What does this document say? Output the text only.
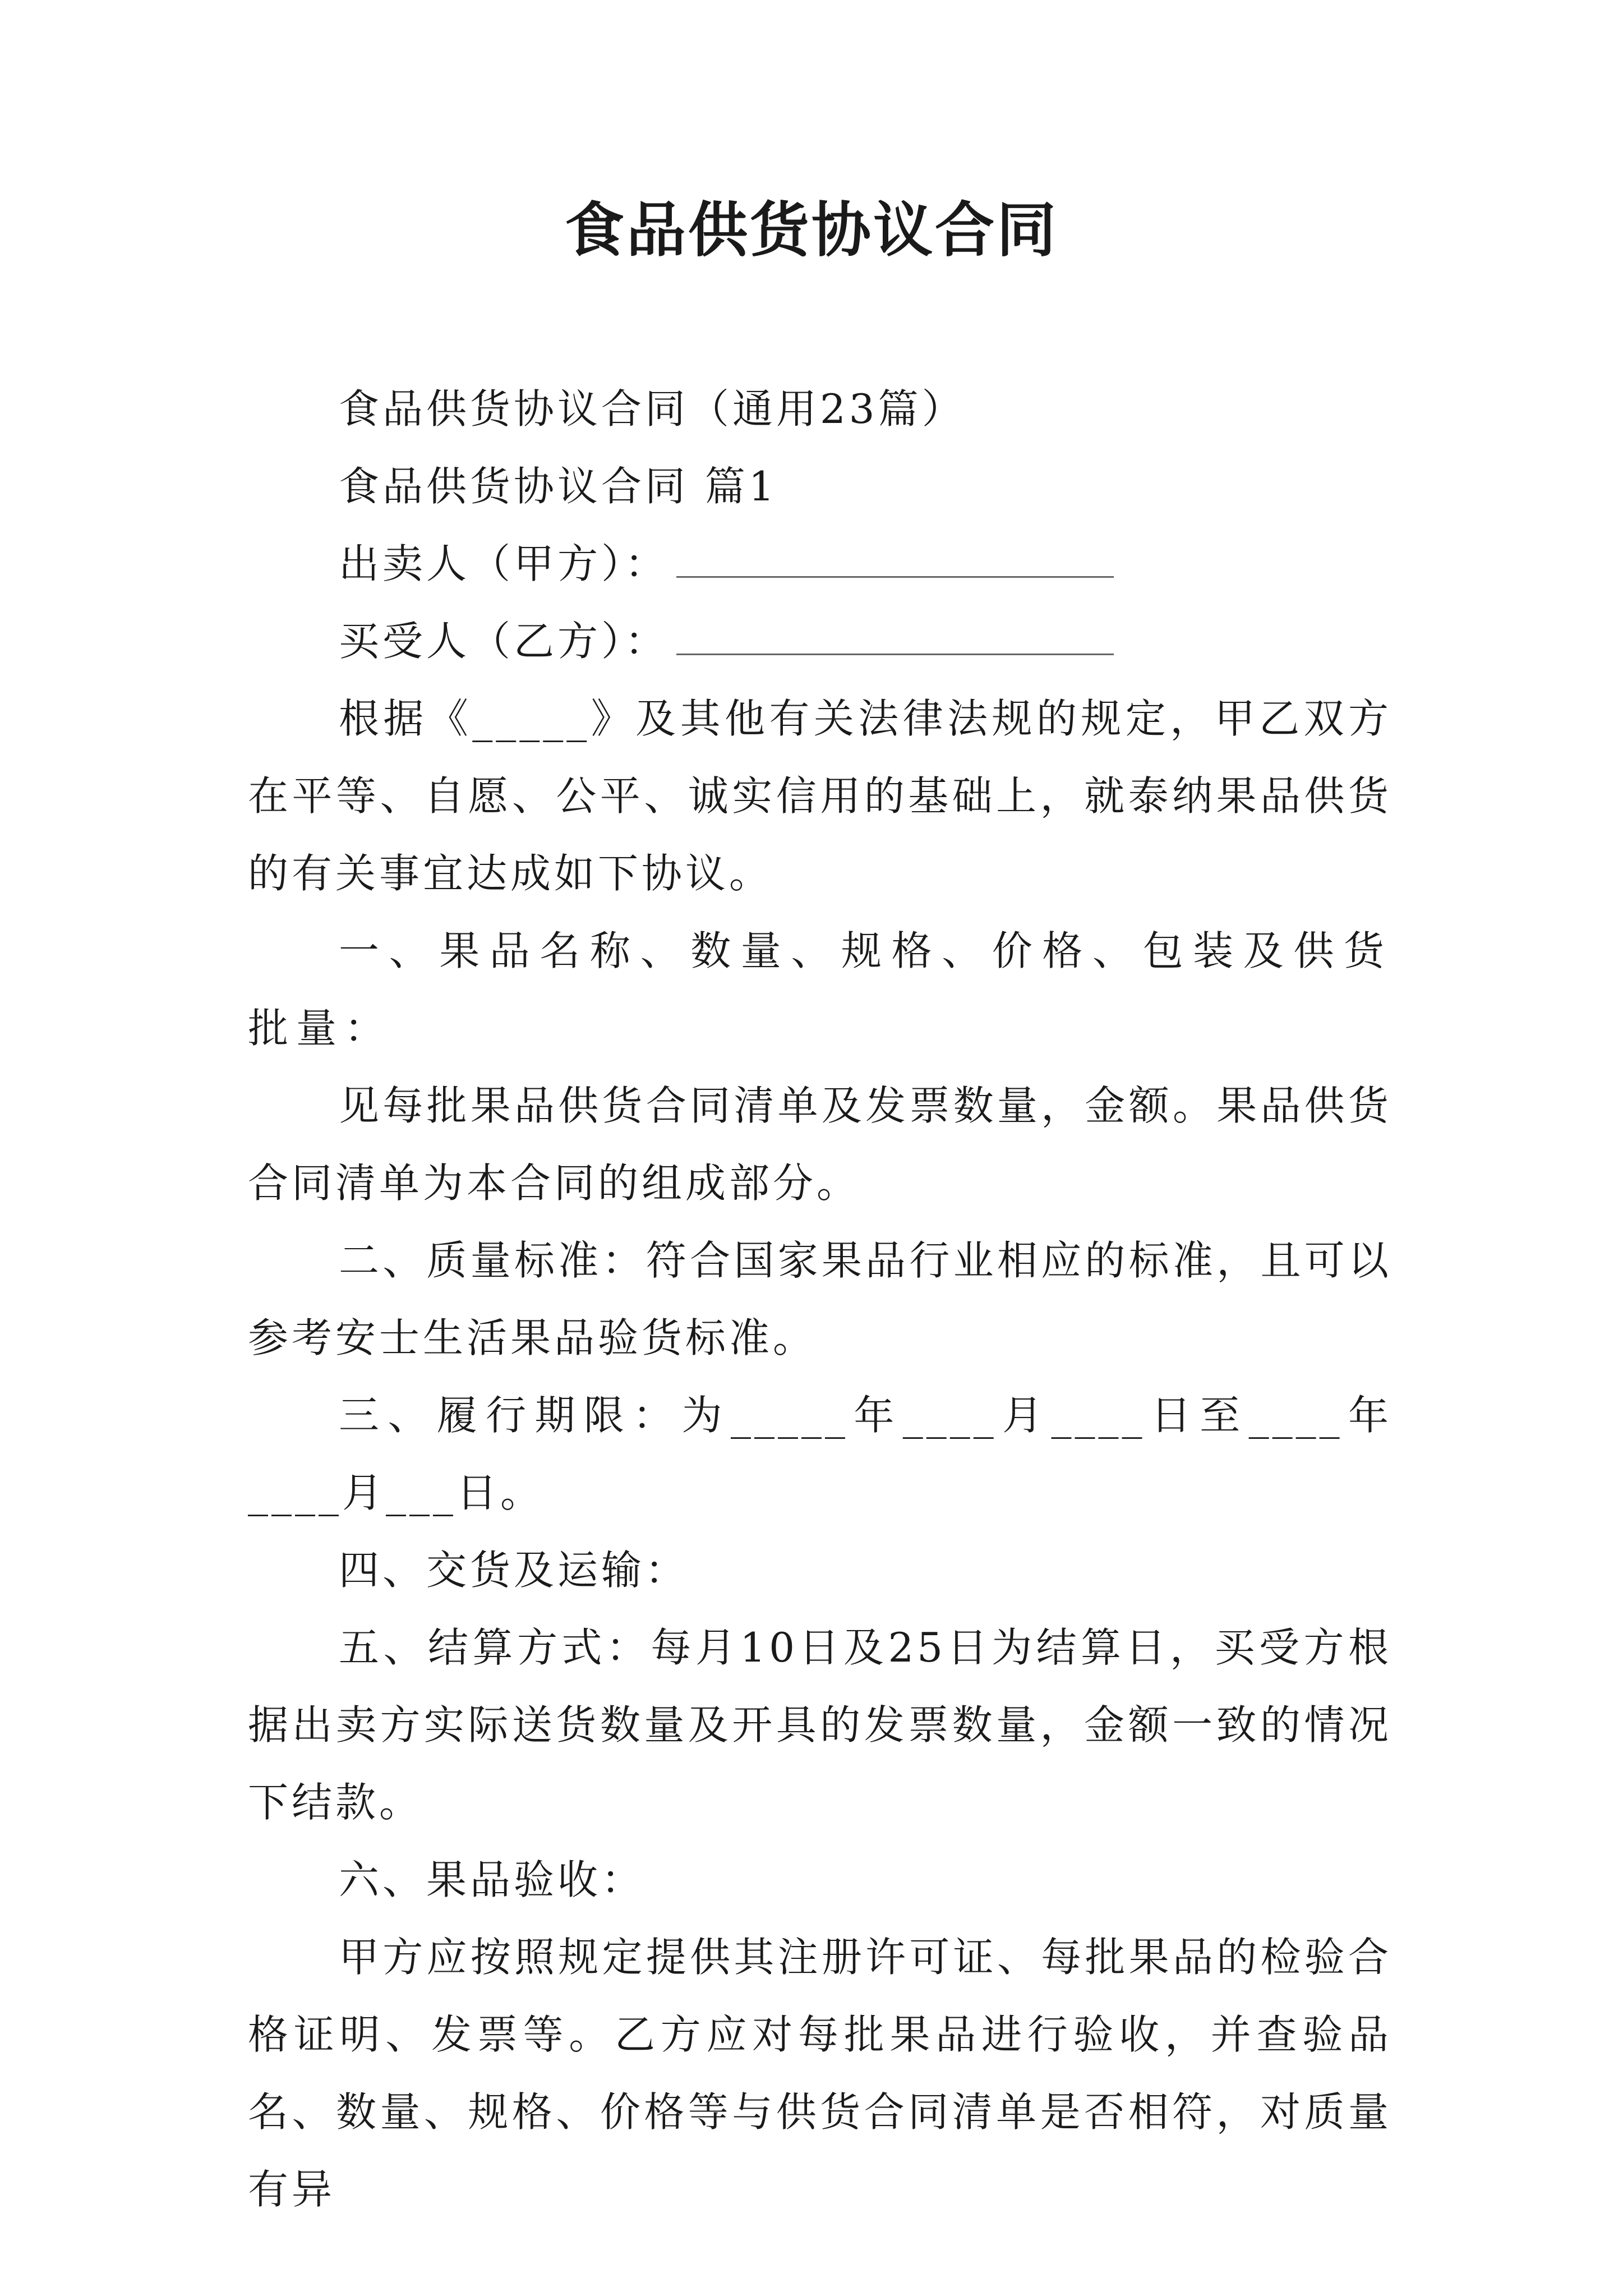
食品供货协议合同

食品供货协议合同（通用23篇）

食品供货协议合同 篇1

出卖人（甲方）：

买受人（乙方）：

根据《_____》及其他有关法律法规的规定，甲乙双方在平等、自愿、公平、诚实信用的基础上，就泰纳果品供货的有关事宜达成如下协议。

一、果品名称、数量、规格、价格、包装及供货批量：

见每批果品供货合同清单及发票数量，金额。果品供货合同清单为本合同的组成部分。

二、质量标准：符合国家果品行业相应的标准，且可以参考安士生活果品验货标准。

三、履行期限：为_____年____月____日至____年____月___日。

四、交货及运输：

五、结算方式：每月10日及25日为结算日，买受方根据出卖方实际送货数量及开具的发票数量，金额一致的情况下结款。

六、果品验收：

甲方应按照规定提供其注册许可证、每批果品的检验合格证明、发票等。乙方应对每批果品进行验收，并查验品名、数量、规格、价格等与供货合同清单是否相符，对质量有异
